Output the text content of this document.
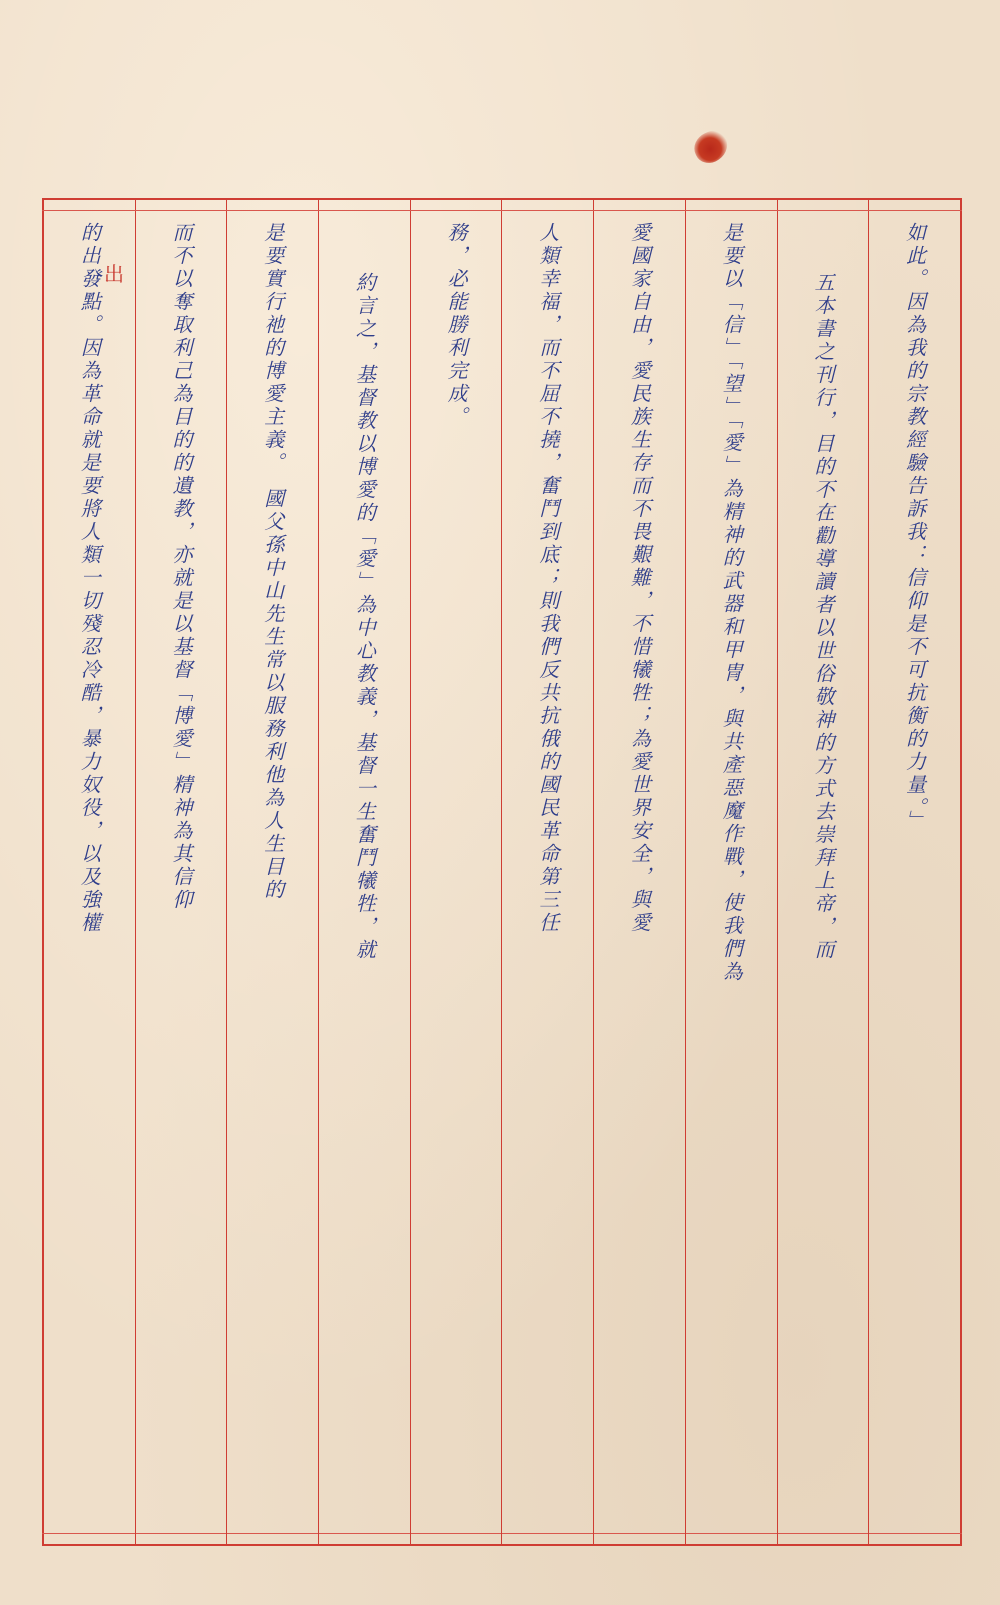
出	如此。因為我的宗教經驗告訴我：信仰是不可抗衡的力量。」
五本書之刊行，目的不在勸導讀者以世俗敬神的方式去崇拜上帝，而
是要以「信」「望」「愛」為精神的武器和甲冑，與共產惡魔作戰，使我們為
愛國家自由，愛民族生存而不畏艱難，不惜犧牲；為愛世界安全，與愛
人類幸福，而不屈不撓，奮鬥到底；則我們反共抗俄的國民革命第三任
務，必能勝利完成。
約言之，基督教以博愛的「愛」為中心教義，基督一生奮鬥犧牲，就
是要實行祂的博愛主義。　國父孫中山先生常以服務利他為人生目的
而不以奪取利己為目的的遺教，亦就是以基督「博愛」精神為其信仰
的出發點。因為革命就是要將人類一切殘忍冷酷，暴力奴役，以及強權
